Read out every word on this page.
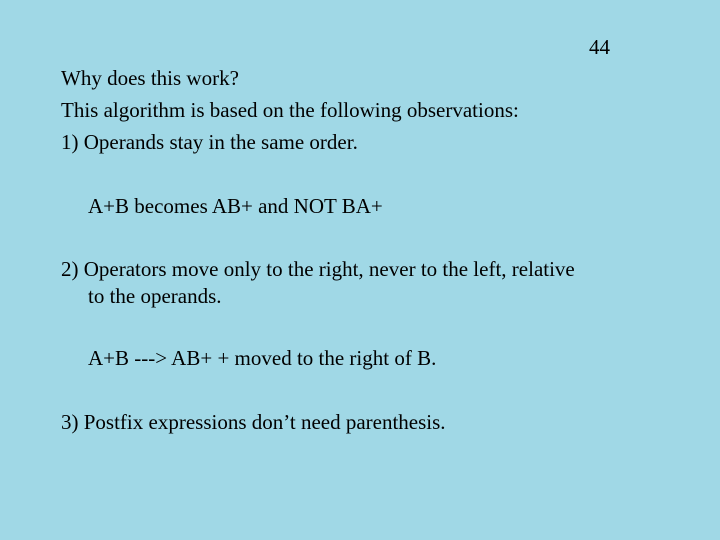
44
Why does this work?
This algorithm is based on the following observations:
1) Operands stay in the same order.
A+B becomes AB+ and NOT BA+
2) Operators move only to the right, never to the left, relative
to the operands.
A+B ---> AB+ + moved to the right of B.
3) Postfix expressions don’t need parenthesis.
